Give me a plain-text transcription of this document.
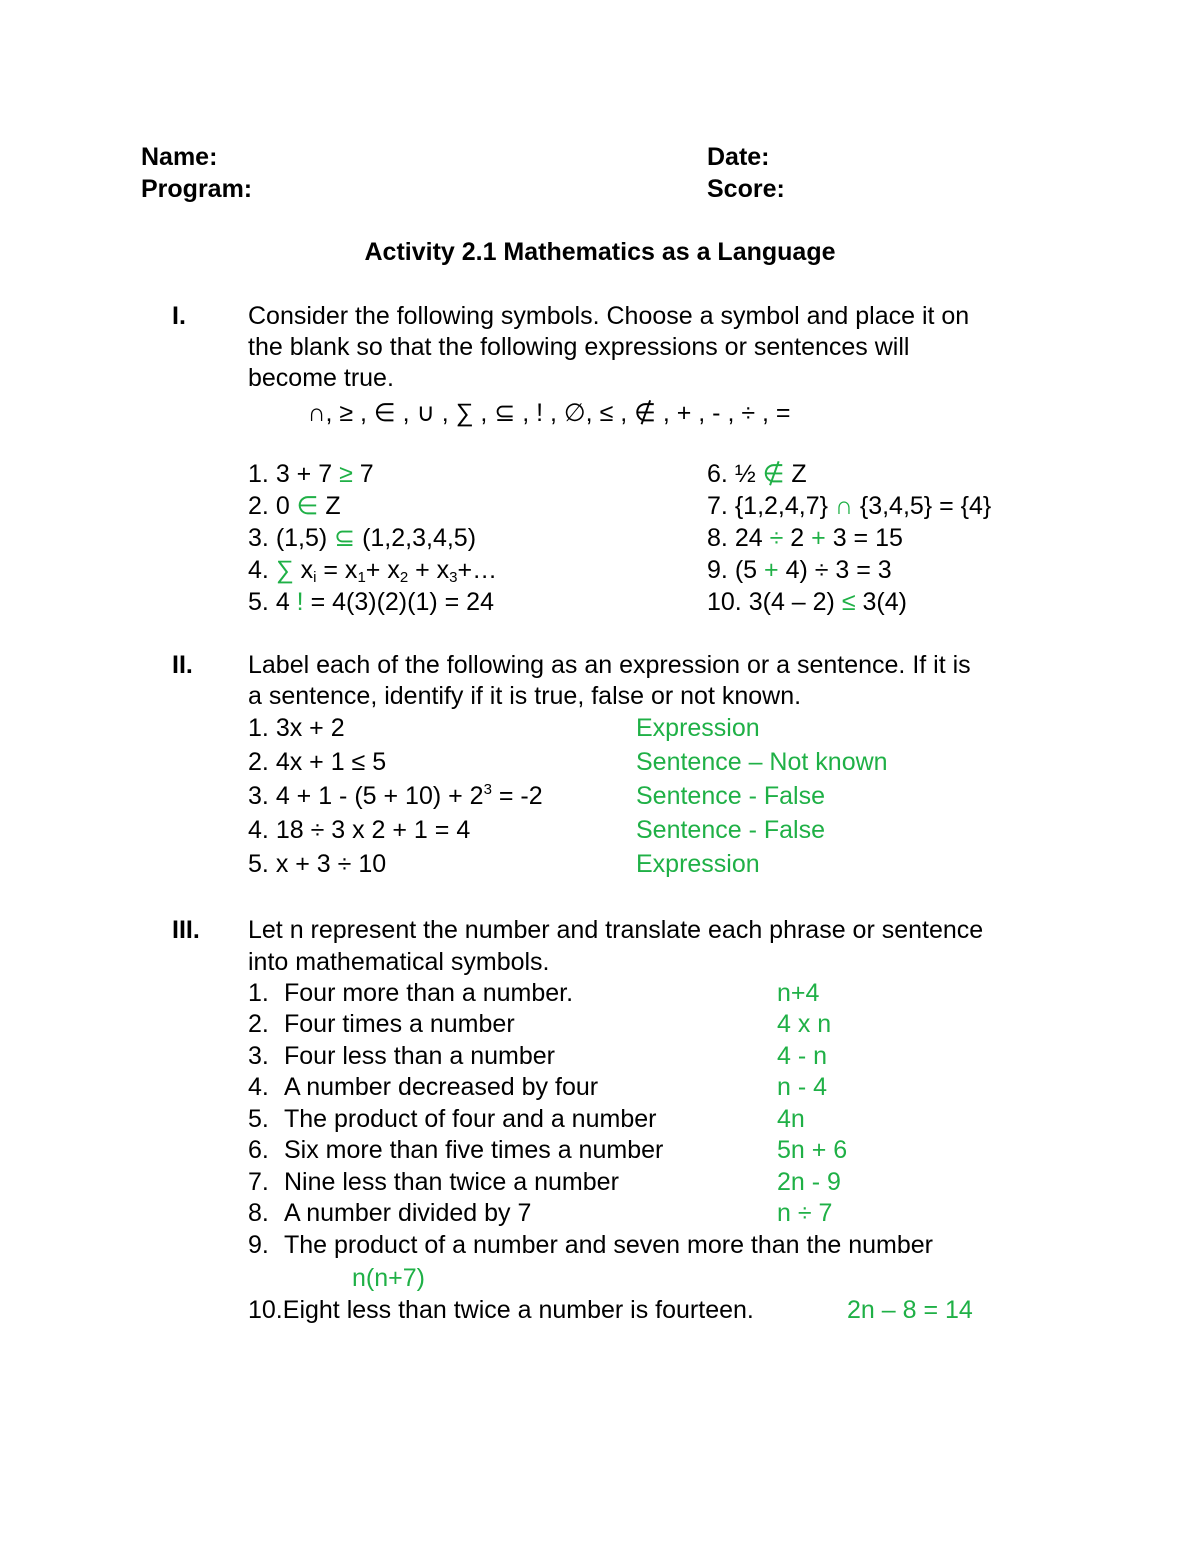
Name:
Program:
Date:
Score:
Activity 2.1 Mathematics as a Language
I. Consider the following symbols. Choose a symbol and place it on
the blank so that the following expressions or sentences will
become true.
∩, ≥ , ∈ , ∪ , ∑ , ⊆ , ! , ∅, ≤ , ∉ , + , - , ÷ , =
1. 3 + 7 ≥ 7
2. 0 ∈ Z
3. (1,5) ⊆ (1,2,3,4,5)
4. ∑ $x_i = x_1+ x_2$ + $x_3+\dots$
5. 4 ! = 4(3)(2)(1) = 24
6. ½ ∉ Z
7. {1,2,4,7} ∩ {3,4,5} = {4}
8. 24 ÷ 2 + 3 = 15
9. (5 + 4) ÷ 3 = 3
10. 3(4 – 2) ≤ 3(4)
II. Label each of the following as an expression or a sentence. If it is
a sentence, identify if it is true, false or not known.
1. 3x + 2	Expression
2. 4x + 1 ≤ 5	Sentence – Not known
3. $4 + 1 - (5 + 10) + 2^3 = -2$	Sentence - False
4. 18 ÷ 3 x 2 + 1 = 4	Sentence - False
5. x + 3 ÷ 10	Expression
III. Let n represent the number and translate each phrase or sentence
into mathematical symbols.
1. Four more than a number.	n+4
2. Four times a number	4 x n
3. Four less than a number	4 - n
4. A number decreased by four	n - 4
5. The product of four and a number	4n
6. Six more than five times a number	5n + 6
7. Nine less than twice a number	2n - 9
8. A number divided by 7	n ÷ 7
9. The product of a number and seven more than the number
n(n+7)
10.Eight less than twice a number is fourteen.	2n – 8 = 14
